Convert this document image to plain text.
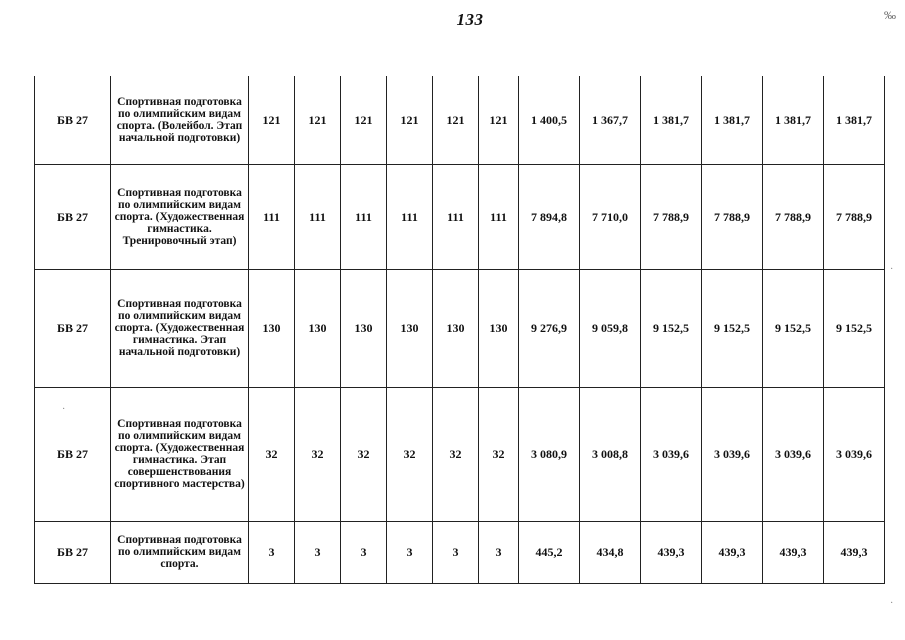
133	‰
·
·
·
БВ 27	Спортивная подготовка по олимпийским видам спорта. (Волейбол. Этап начальной подготовки)	121	121	121	121	121	121	1 400,5	1 367,7	1 381,7	1 381,7	1 381,7	1 381,7
БВ 27	Спортивная подготовка по олимпийским видам спорта. (Художественная гимнастика. Тренировочный этап)	111	111	111	111	111	111	7 894,8	7 710,0	7 788,9	7 788,9	7 788,9	7 788,9
БВ 27	Спортивная подготовка по олимпийским видам спорта. (Художественная гимнастика. Этап начальной подготовки)	130	130	130	130	130	130	9 276,9	9 059,8	9 152,5	9 152,5	9 152,5	9 152,5
БВ 27	Спортивная подготовка по олимпийским видам спорта. (Художественная гимнастика. Этап совершенствования спортивного мастерства)	32	32	32	32	32	32	3 080,9	3 008,8	3 039,6	3 039,6	3 039,6	3 039,6
БВ 27	Спортивная подготовка по олимпийским видам спорта.	3	3	3	3	3	3	445,2	434,8	439,3	439,3	439,3	439,3
